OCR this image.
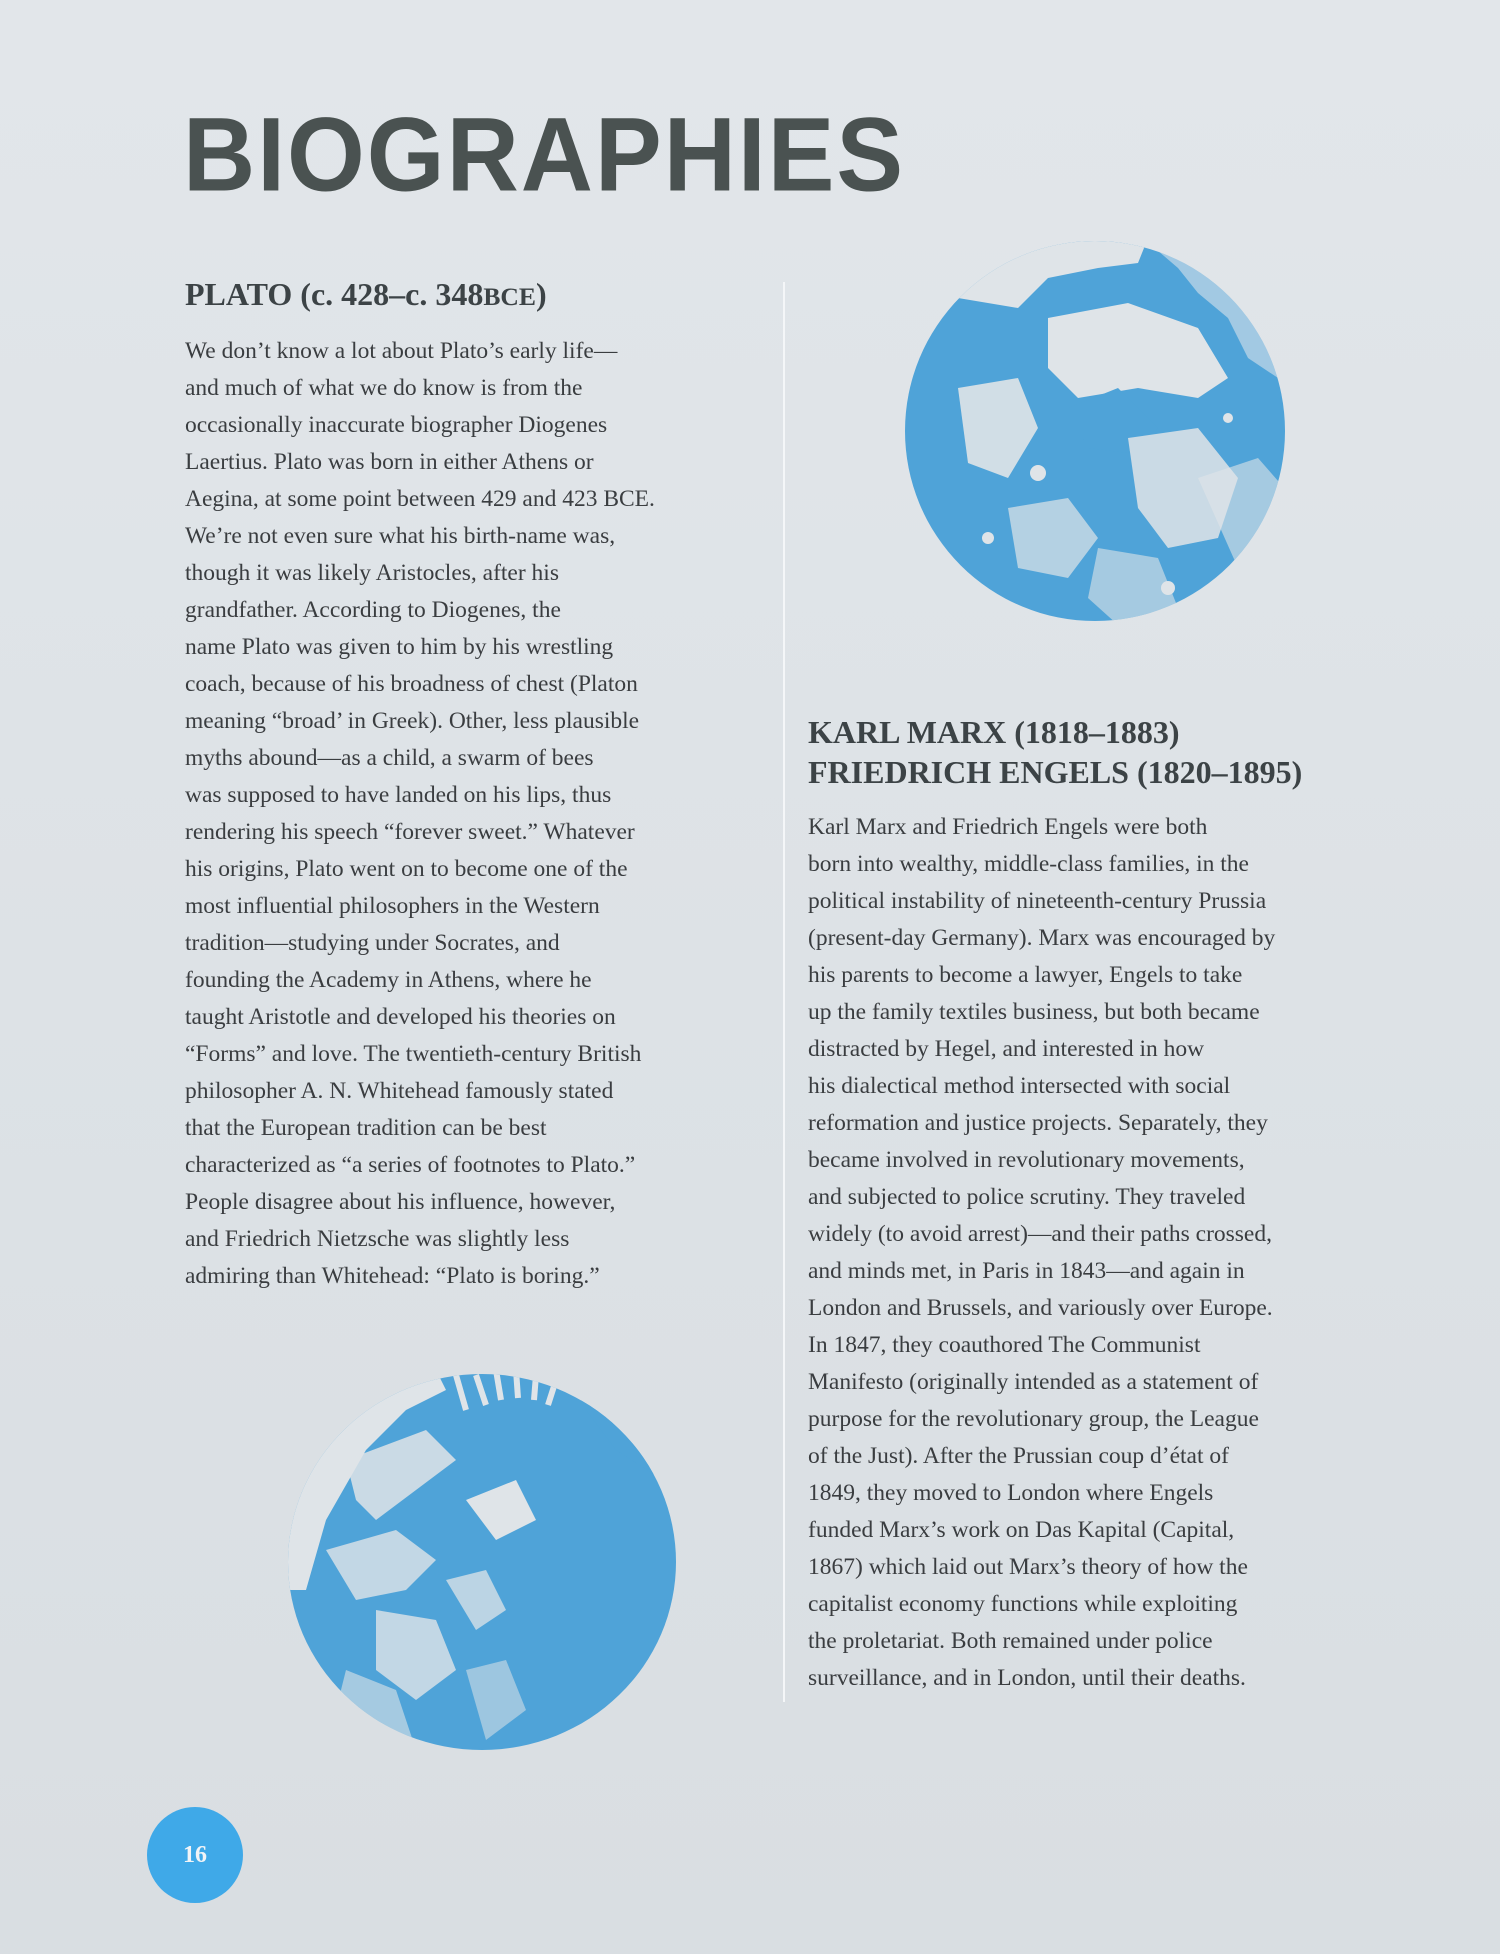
BIOGRAPHIES
PLATO (c. 428–c. 348BCE)
We don’t know a lot about Plato’s early life—
and much of what we do know is from the
occasionally inaccurate biographer Diogenes
Laertius. Plato was born in either Athens or
Aegina, at some point between 429 and 423 BCE.
We’re not even sure what his birth-name was,
though it was likely Aristocles, after his
grandfather. According to Diogenes, the
name Plato was given to him by his wrestling
coach, because of his broadness of chest (Platon
meaning “broad’ in Greek). Other, less plausible
myths abound—as a child, a swarm of bees
was supposed to have landed on his lips, thus
rendering his speech “forever sweet.” Whatever
his origins, Plato went on to become one of the
most influential philosophers in the Western
tradition—studying under Socrates, and
founding the Academy in Athens, where he
taught Aristotle and developed his theories on
“Forms” and love. The twentieth-century British
philosopher A. N. Whitehead famously stated
that the European tradition can be best
characterized as “a series of footnotes to Plato.”
People disagree about his influence, however,
and Friedrich Nietzsche was slightly less
admiring than Whitehead: “Plato is boring.”
KARL MARX (1818–1883)
FRIEDRICH ENGELS (1820–1895)
Karl Marx and Friedrich Engels were both
born into wealthy, middle-class families, in the
political instability of nineteenth-century Prussia
(present-day Germany). Marx was encouraged by
his parents to become a lawyer, Engels to take
up the family textiles business, but both became
distracted by Hegel, and interested in how
his dialectical method intersected with social
reformation and justice projects. Separately, they
became involved in revolutionary movements,
and subjected to police scrutiny. They traveled
widely (to avoid arrest)—and their paths crossed,
and minds met, in Paris in 1843—and again in
London and Brussels, and variously over Europe.
In 1847, they coauthored The Communist
Manifesto (originally intended as a statement of
purpose for the revolutionary group, the League
of the Just). After the Prussian coup d’état of
1849, they moved to London where Engels
funded Marx’s work on Das Kapital (Capital,
1867) which laid out Marx’s theory of how the
capitalist economy functions while exploiting
the proletariat. Both remained under police
surveillance, and in London, until their deaths.
16
